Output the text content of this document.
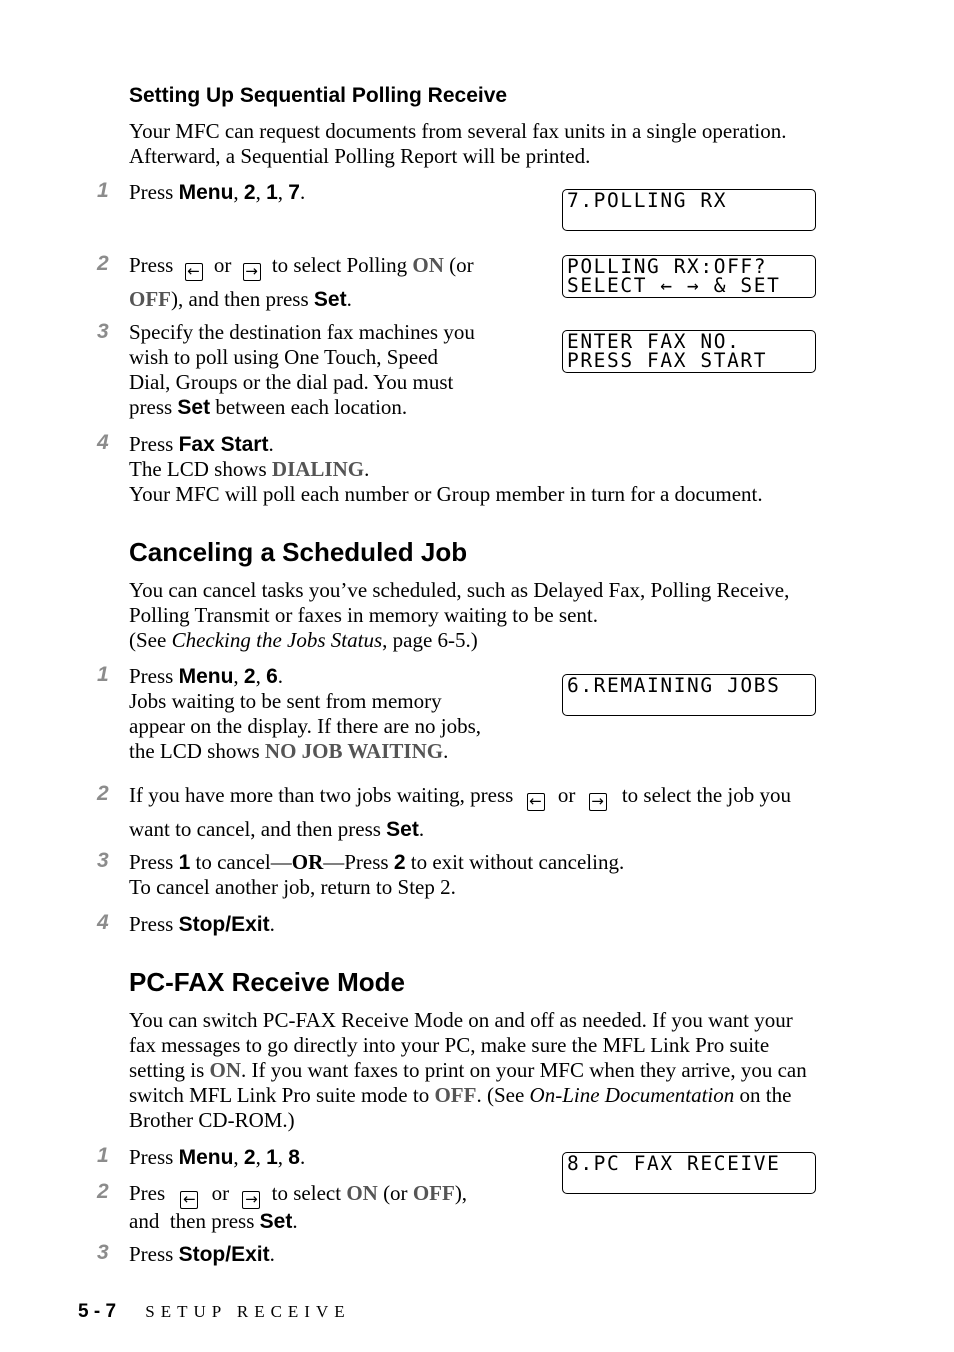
Setting Up Sequential Polling Receive
Your MFC can request documents from several fax units in a single operation.
Afterward, a Sequential Polling Report will be printed.
1 Press Menu, 2, 1, 7.	7.POLLING RX
2 Press ← or → to select Polling ON (or
OFF), and then press Set.
POLLING RX:OFF?
SELECT ← → & SET
3 Specify the destination fax machines you
wish to poll using One Touch, Speed
Dial, Groups or the dial pad. You must
press Set between each location.
ENTER FAX NO.
PRESS FAX START
4 Press Fax Start.
The LCD shows DIALING.
Your MFC will poll each number or Group member in turn for a document.
Canceling a Scheduled Job
You can cancel tasks you’ve scheduled, such as Delayed Fax, Polling Receive,
Polling Transmit or faxes in memory waiting to be sent.
(See Checking the Jobs Status, page 6-5.)
1 Press Menu, 2, 6.
Jobs waiting to be sent from memory
appear on the display. If there are no jobs,
the LCD shows NO JOB WAITING.
6.REMAINING JOBS
2 If you have more than two jobs waiting, press ← or → to select the job you
want to cancel, and then press Set.
3 Press 1 to cancel—OR—Press 2 to exit without canceling.
To cancel another job, return to Step 2.
4 Press Stop/Exit.
PC-FAX Receive Mode
You can switch PC-FAX Receive Mode on and off as needed. If you want your
fax messages to go directly into your PC, make sure the MFL Link Pro suite
setting is ON. If you want faxes to print on your MFC when they arrive, you can
switch MFL Link Pro suite mode to OFF. (See On-Line Documentation on the
Brother CD-ROM.)
1 Press Menu, 2, 1, 8.	8.PC FAX RECEIVE
2 Pres ← or → to select ON (or OFF),
and  then press Set.
3 Press Stop/Exit.
5 - 7 SETUP RECEIVE
